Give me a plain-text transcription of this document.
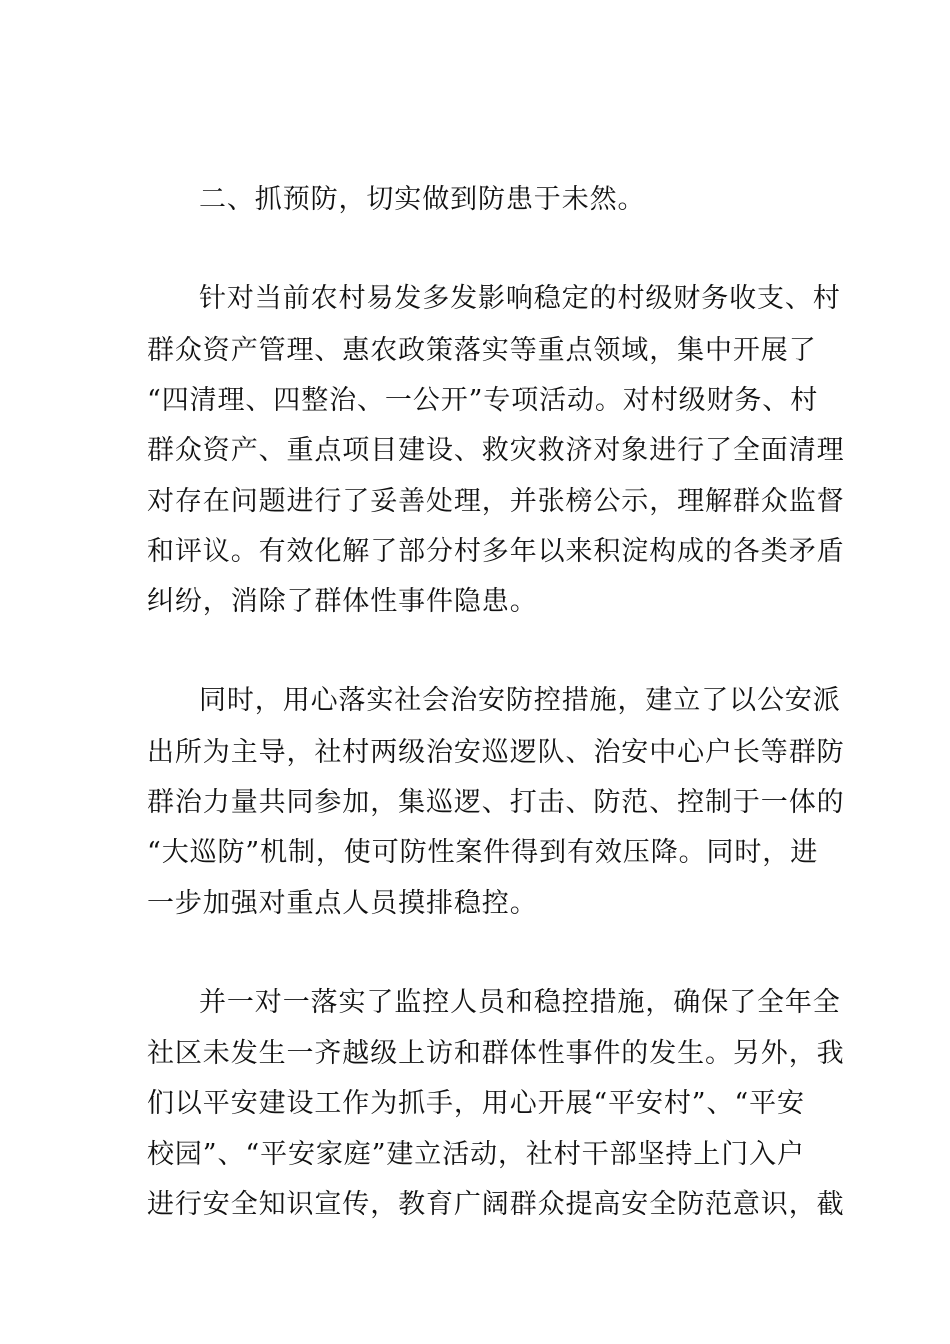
二、抓预防，切实做到防患于未然。
针对当前农村易发多发影响稳定的村级财务收支、村
群众资产管理、惠农政策落实等重点领域，集中开展了
“四清理、四整治、一公开”专项活动。对村级财务、村
群众资产、重点项目建设、救灾救济对象进行了全面清理
对存在问题进行了妥善处理，并张榜公示，理解群众监督
和评议。有效化解了部分村多年以来积淀构成的各类矛盾
纠纷，消除了群体性事件隐患。
同时，用心落实社会治安防控措施，建立了以公安派
出所为主导，社村两级治安巡逻队、治安中心户长等群防
群治力量共同参加，集巡逻、打击、防范、控制于一体的
“大巡防”机制，使可防性案件得到有效压降。同时，进
一步加强对重点人员摸排稳控。
并一对一落实了监控人员和稳控措施，确保了全年全
社区未发生一齐越级上访和群体性事件的发生。另外，我
们以平安建设工作为抓手，用心开展“平安村”、“平安
校园”、“平安家庭”建立活动，社村干部坚持上门入户
进行安全知识宣传，教育广阔群众提高安全防范意识，截
